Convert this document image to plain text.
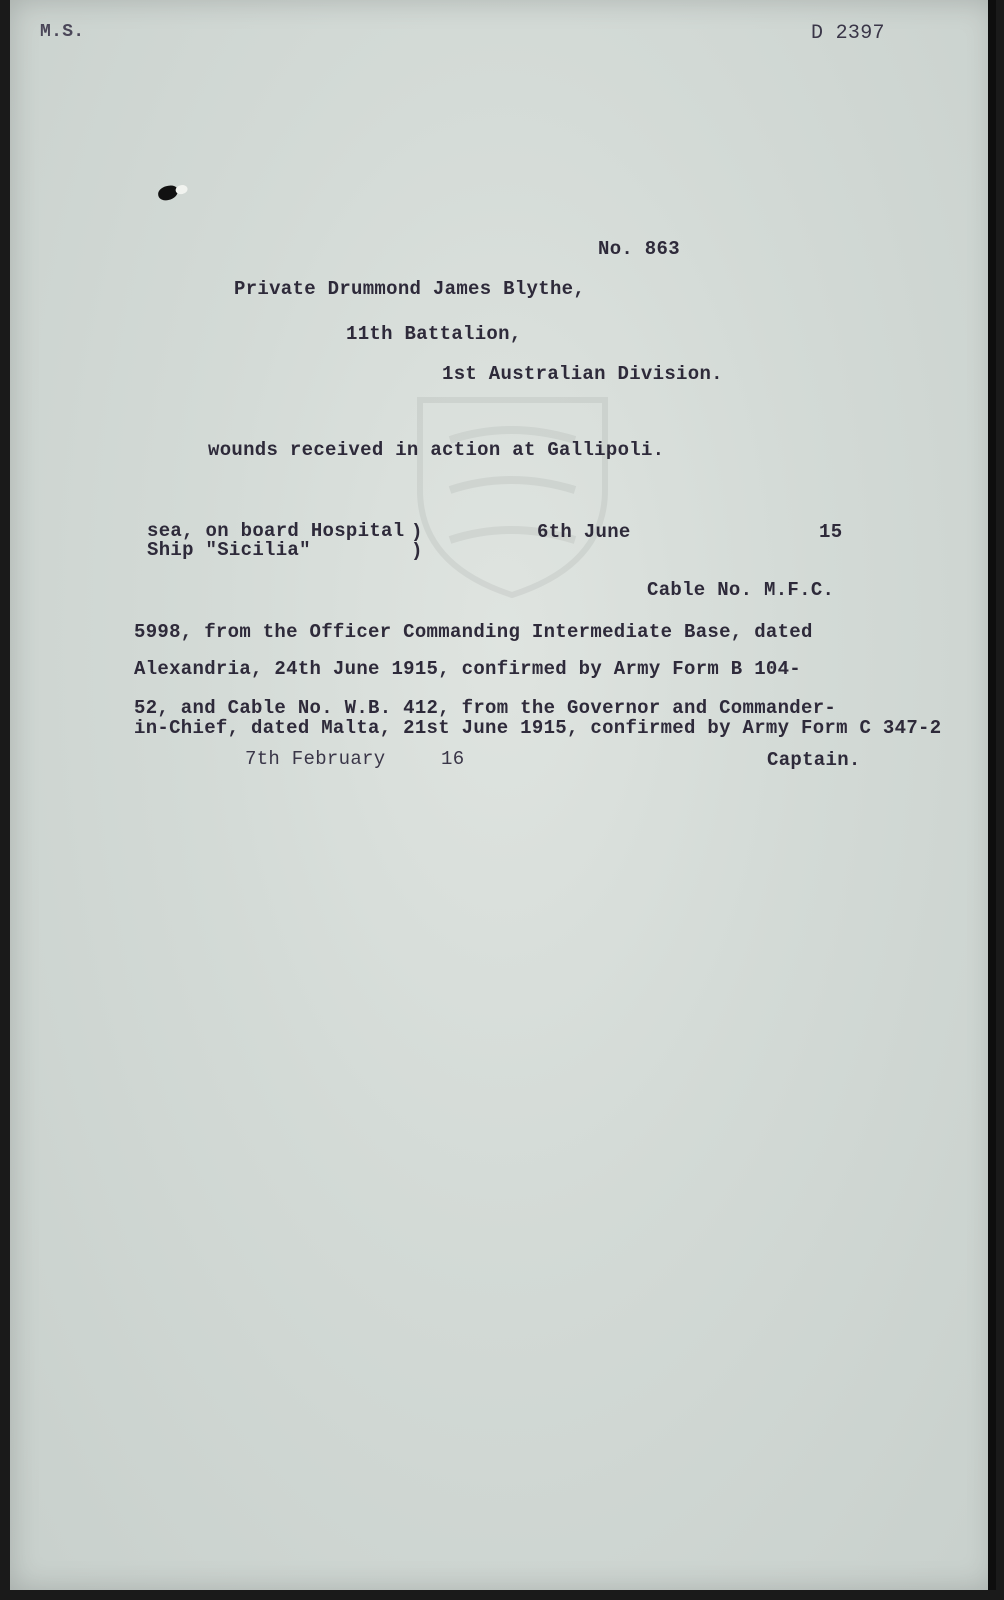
M.S.	D 2397
No. 863
Private Drummond James Blythe,
11th Battalion,
1st Australian Division.
wounds received in action at Gallipoli.
sea, on board Hospital
Ship "Sicilia"
)
)
6th June	15
Cable No. M.F.C.
5998, from the Officer Commanding Intermediate Base, dated
Alexandria, 24th June 1915, confirmed by Army Form B 104-
52, and Cable No. W.B. 412, from the Governor and Commander-
in-Chief, dated Malta, 21st June 1915, confirmed by Army Form C 347-2
7th February	16	Captain.
